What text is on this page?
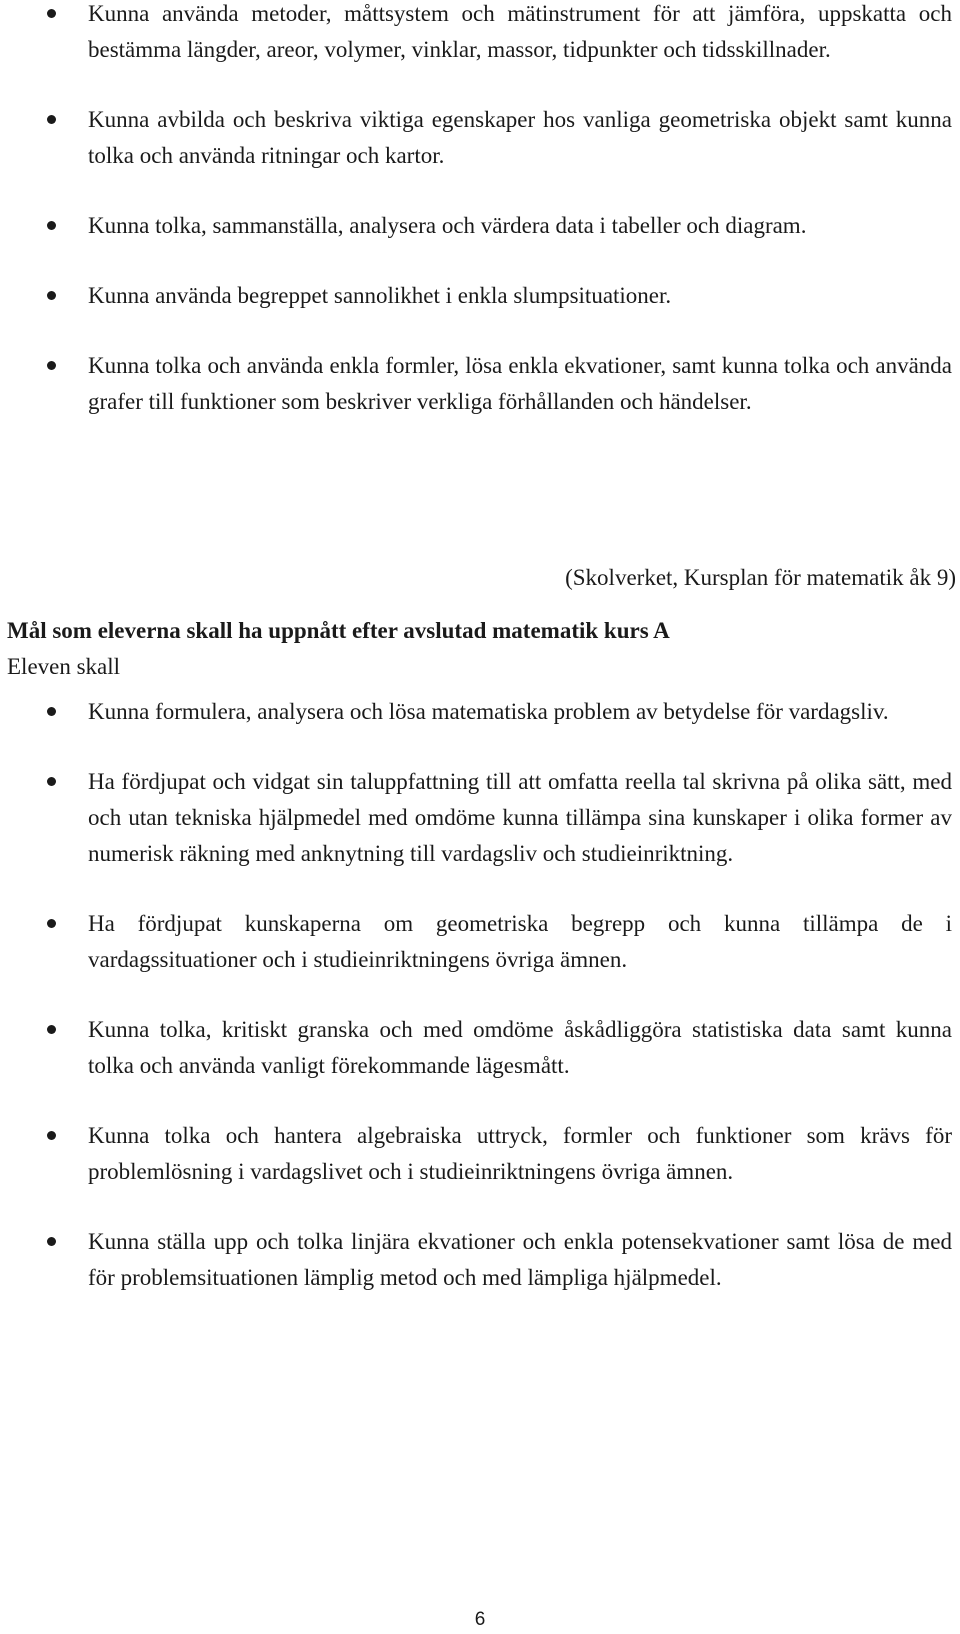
Kunna använda metoder, måttsystem och mätinstrument för att jämföra, uppskatta och bestämma längder, areor, volymer, vinklar, massor, tidpunkter och tidsskillnader.
Kunna avbilda och beskriva viktiga egenskaper hos vanliga geometriska objekt samt kunna tolka och använda ritningar och kartor.
Kunna tolka, sammanställa, analysera och värdera data i tabeller och diagram.
Kunna använda begreppet sannolikhet i enkla slumpsituationer.
Kunna tolka och använda enkla formler, lösa enkla ekvationer, samt kunna tolka och använda grafer till funktioner som beskriver verkliga förhållanden och händelser.
(Skolverket, Kursplan för matematik åk 9)
Mål som eleverna skall ha uppnått efter avslutad matematik kurs A
Eleven skall
Kunna formulera, analysera och lösa matematiska problem av betydelse för vardagsliv.
Ha fördjupat och vidgat sin taluppfattning till att omfatta reella tal skrivna på olika sätt, med och utan tekniska hjälpmedel med omdöme kunna tillämpa sina kunskaper i olika former av numerisk räkning med anknytning till vardagsliv och studieinriktning.
Ha fördjupat kunskaperna om geometriska begrepp och kunna tillämpa de i vardagssituationer och i studieinriktningens övriga ämnen.
Kunna tolka, kritiskt granska och med omdöme åskådliggöra statistiska data samt kunna tolka och använda vanligt förekommande lägesmått.
Kunna tolka och hantera algebraiska uttryck, formler och funktioner som krävs för problemlösning i vardagslivet och i studieinriktningens övriga ämnen.
Kunna ställa upp och tolka linjära ekvationer och enkla potensekvationer samt lösa de med för problemsituationen lämplig metod och med lämpliga hjälpmedel.
6
